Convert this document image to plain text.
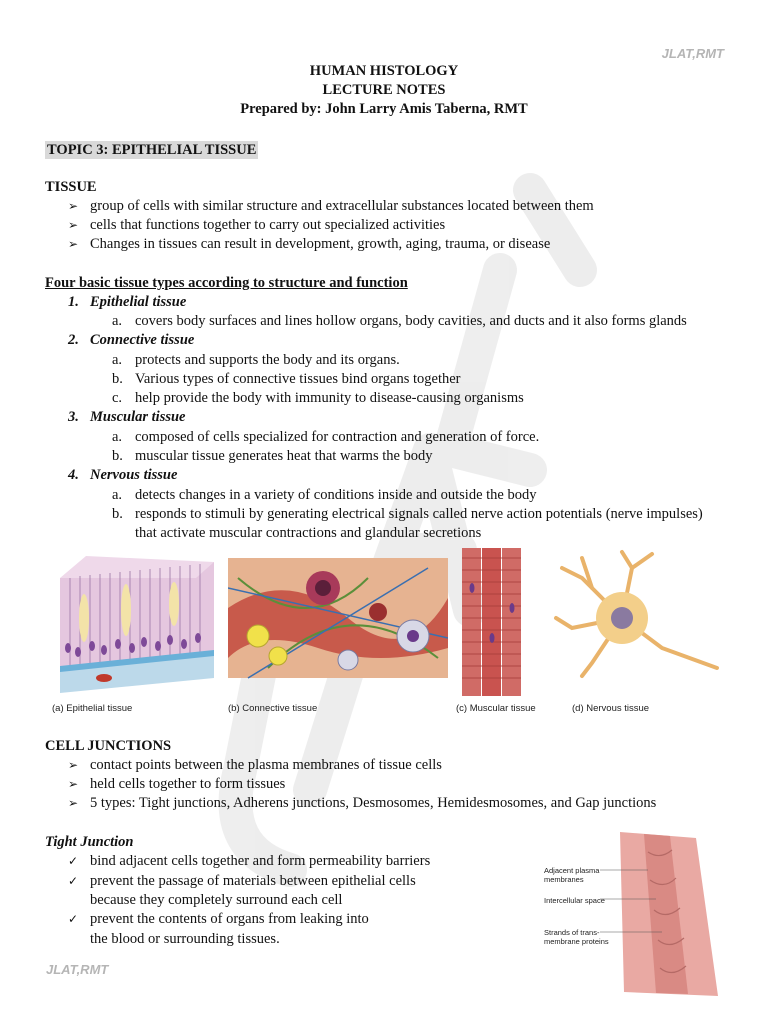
JLAT,RMT
HUMAN HISTOLOGY
LECTURE NOTES
Prepared by: John Larry Amis Taberna, RMT
TOPIC 3: EPITHELIAL TISSUE
TISSUE
➢ group of cells with similar structure and extracellular substances located between them
➢ cells that functions together to carry out specialized activities
➢ Changes in tissues can result in development, growth, aging, trauma, or disease
Four basic tissue types according to structure and function
1. Epithelial tissue
a. covers body surfaces and lines hollow organs, body cavities, and ducts and it also forms glands
2. Connective tissue
a. protects and supports the body and its organs.
b. Various types of connective tissues bind organs together
c. help provide the body with immunity to disease-causing organisms
3. Muscular tissue
a. composed of cells specialized for contraction and generation of force.
b. muscular tissue generates heat that warms the body
4. Nervous tissue
a. detects changes in a variety of conditions inside and outside the body
b. responds to stimuli by generating electrical signals called nerve action potentials (nerve impulses)
that activate muscular contractions and glandular secretions
(a) Epithelial tissue	(b) Connective tissue	(c) Muscular tissue	(d) Nervous tissue
CELL JUNCTIONS
➢ contact points between the plasma membranes of tissue cells
➢ held cells together to form tissues
➢ 5 types: Tight junctions, Adherens junctions, Desmosomes, Hemidesmosomes, and Gap junctions
Tight Junction
✓ bind adjacent cells together and form permeability barriers
✓ prevent the passage of materials between epithelial cells
because they completely surround each cell
✓ prevent the contents of organs from leaking into
the blood or surrounding tissues.
Adjacent plasma membranes
Intercellular space
Strands of trans-membrane proteins
JLAT,RMT
